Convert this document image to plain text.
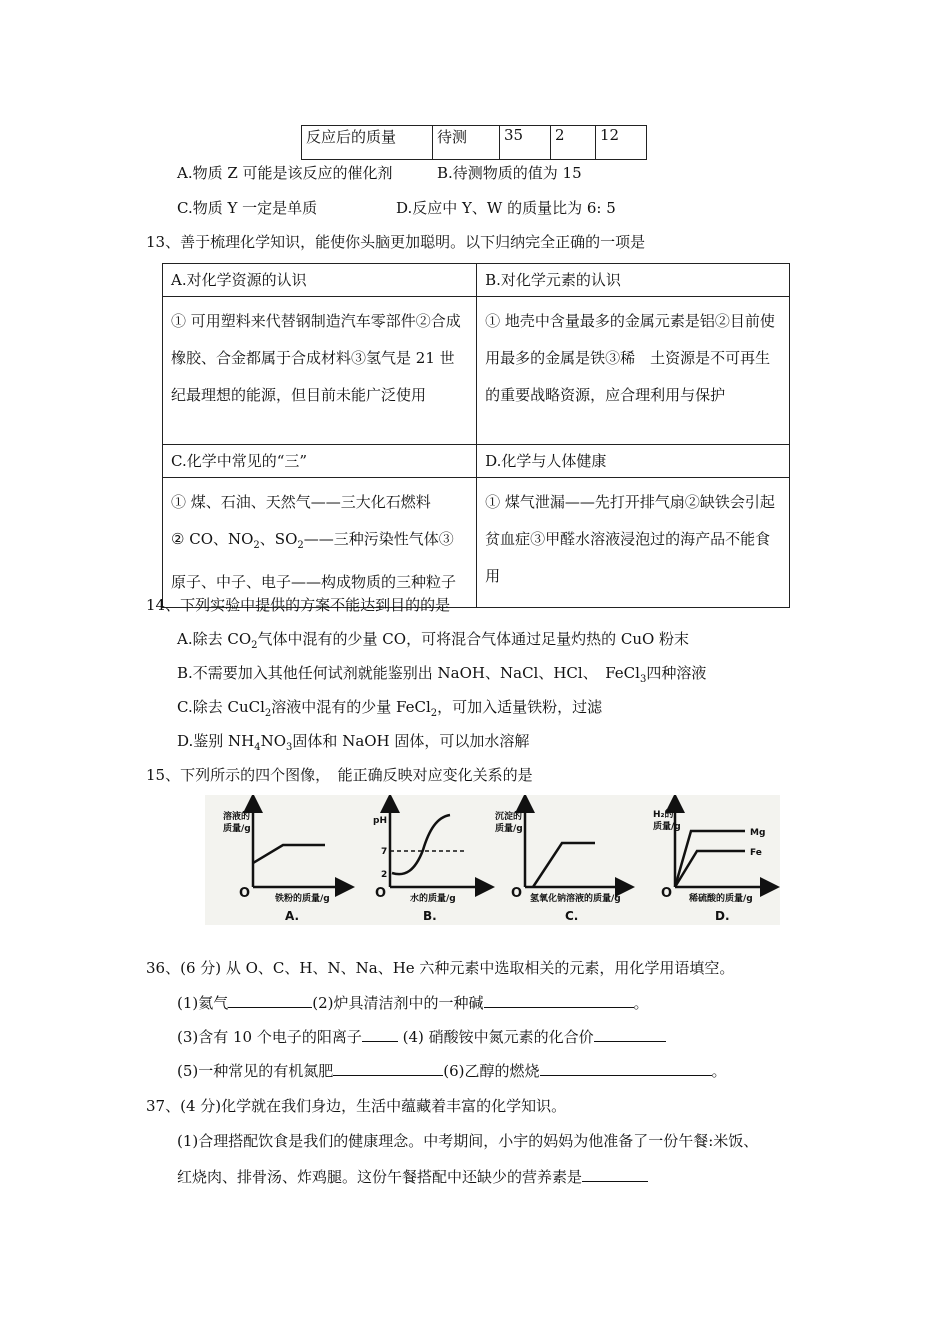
反应后的质量	待测	35	2	12
A.物质 Z 可能是该反应的催化剂	B.待测物质的值为 15
C.物质 Y 一定是单质	D.反应中 Y、W 的质量比为 6: 5
13、善于梳理化学知识，能使你头脑更加聪明。以下归纳完全正确的一项是
A.对化学资源的认识	B.对化学元素的认识
① 可用塑料来代替钢制造汽车零部件②合成橡胶、合金都属于合成材料③氢气是 21 世纪最理想的能源，但目前未能广泛使用	① 地壳中含量最多的金属元素是铝②目前使用最多的金属是铁③稀　土资源是不可再生的重要战略资源，应合理利用与保护
C.化学中常见的“三”	D.化学与人体健康
① 煤、石油、天然气——三大化石燃料
② CO、$NO_2$、$SO_2——$三种污染性气体③原子、中子、电子——构成物质的三种粒子	① 煤气泄漏——先打开排气扇②缺铁会引起贫血症③甲醛水溶液浸泡过的海产品不能食用
14、下列实验中提供的方案不能达到目的的是
A.除去 $CO_2$气体中混有的少量 CO，可将混合气体通过足量灼热的 CuO 粉末
B.不需要加入其他任何试剂就能鉴别出 NaOH、NaCl、HCl、　FeCl$_3$四种溶液
C.除去 CuCl$_2$溶液中混有的少量 FeCl$_2$，可加入适量铁粉，过滤
D.鉴别 $NH_4NO_3$固体和 NaOH 固体，可以加水溶解
15、下列所示的四个图像，　能正确反映对应变化关系的是
溶液的
质量/g
O	铁粉的质量/g
A.
pH
7
2
O	水的质量/g
B.
沉淀的
质量/g
O 氢氧化钠溶液的质量/g
C.
H₂的
质量/g
O 稀硫酸的质量/g
D.
Mg
Fe
36、(6 分) 从 O、C、H、N、Na、He 六种元素中选取相关的元素，用化学用语填空。
(1)氦气	(2)炉具清洁剂中的一种碱	。
(3)含有 10 个电子的阳离子 (4) 硝酸铵中氮元素的化合价
(5)一种常见的有机氮肥	(6)乙醇的燃烧	。
37、(4 分)化学就在我们身边，生活中蕴藏着丰富的化学知识。
(1)合理搭配饮食是我们的健康理念。中考期间，小宇的妈妈为他准备了一份午餐:米饭、
红烧肉、排骨汤、炸鸡腿。这份午餐搭配中还缺少的营养素是
